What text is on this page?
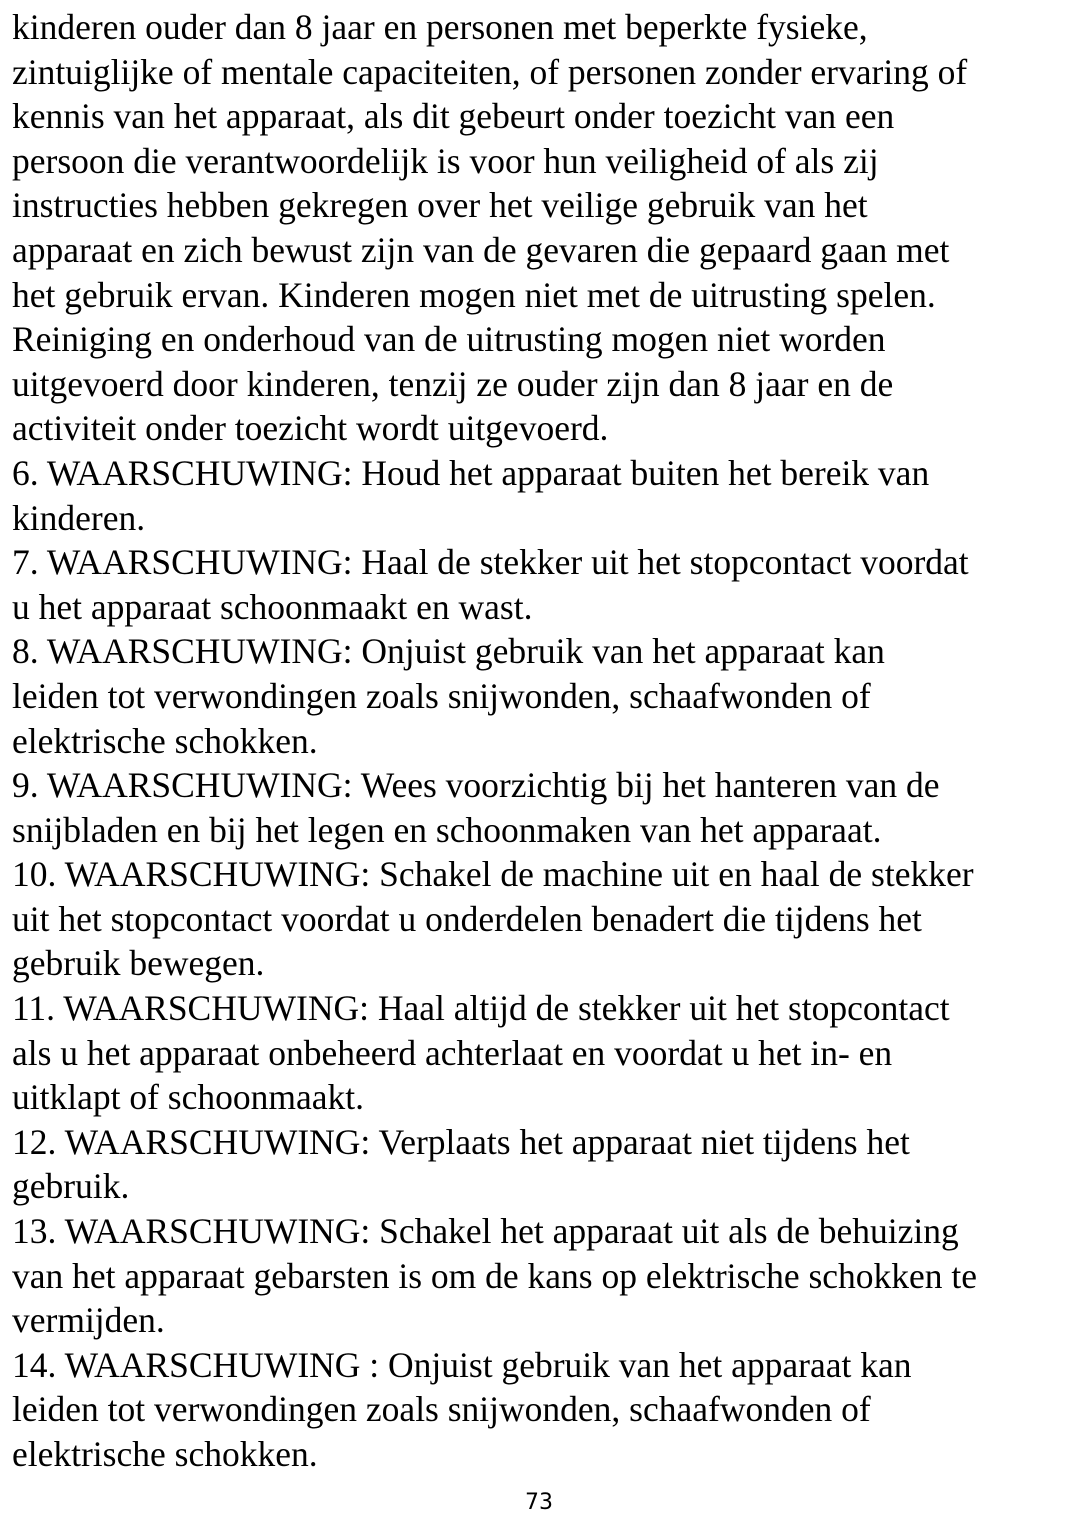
kinderen ouder dan 8 jaar en personen met beperkte fysieke,
zintuiglijke of mentale capaciteiten, of personen zonder ervaring of
kennis van het apparaat, als dit gebeurt onder toezicht van een
persoon die verantwoordelijk is voor hun veiligheid of als zij
instructies hebben gekregen over het veilige gebruik van het
apparaat en zich bewust zijn van de gevaren die gepaard gaan met
het gebruik ervan. Kinderen mogen niet met de uitrusting spelen.
Reiniging en onderhoud van de uitrusting mogen niet worden
uitgevoerd door kinderen, tenzij ze ouder zijn dan 8 jaar en de
activiteit onder toezicht wordt uitgevoerd.
6. WAARSCHUWING: Houd het apparaat buiten het bereik van
kinderen.
7. WAARSCHUWING: Haal de stekker uit het stopcontact voordat
u het apparaat schoonmaakt en wast.
8. WAARSCHUWING: Onjuist gebruik van het apparaat kan
leiden tot verwondingen zoals snijwonden, schaafwonden of
elektrische schokken.
9. WAARSCHUWING: Wees voorzichtig bij het hanteren van de
snijbladen en bij het legen en schoonmaken van het apparaat.
10. WAARSCHUWING: Schakel de machine uit en haal de stekker
uit het stopcontact voordat u onderdelen benadert die tijdens het
gebruik bewegen.
11. WAARSCHUWING: Haal altijd de stekker uit het stopcontact
als u het apparaat onbeheerd achterlaat en voordat u het in- en
uitklapt of schoonmaakt.
12. WAARSCHUWING: Verplaats het apparaat niet tijdens het
gebruik.
13. WAARSCHUWING: Schakel het apparaat uit als de behuizing
van het apparaat gebarsten is om de kans op elektrische schokken te
vermijden.
14. WAARSCHUWING : Onjuist gebruik van het apparaat kan
leiden tot verwondingen zoals snijwonden, schaafwonden of
elektrische schokken.
73
